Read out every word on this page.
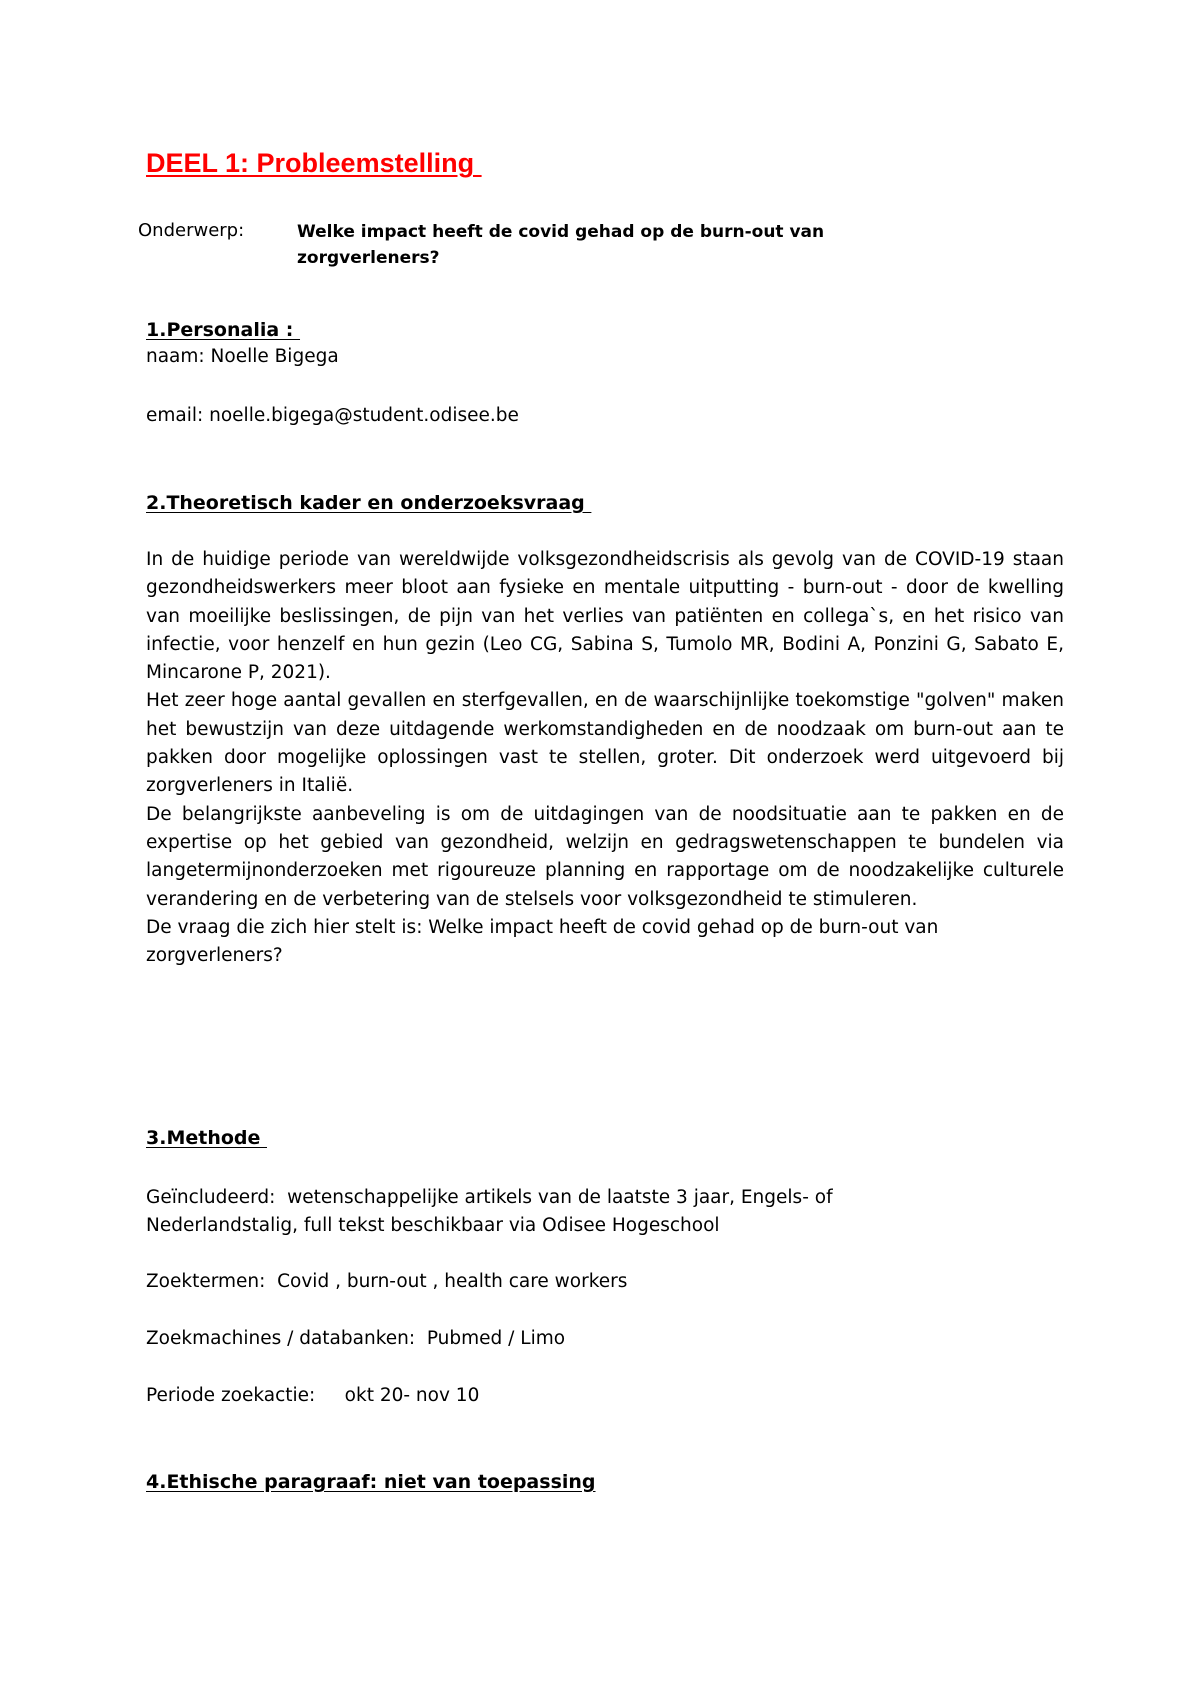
DEEL 1: Probleemstelling
Onderwerp:	Welke impact heeft de covid gehad op de burn-out van zorgverleners?
1.Personalia :

naam: Noelle Bigega

email: noelle.bigega@student.odisee.be

2.Theoretisch kader en onderzoeksvraag

In de huidige periode van wereldwijde volksgezondheidscrisis als gevolg van de COVID-19 staan gezondheidswerkers meer bloot aan fysieke en mentale uitputting - burn-out - door de kwelling van moeilijke beslissingen, de pijn van het verlies van patiënten en collega`s, en het risico van infectie, voor henzelf en hun gezin (Leo CG, Sabina S, Tumolo MR, Bodini A, Ponzini G, Sabato E, Mincarone P, 2021).

Het zeer hoge aantal gevallen en sterfgevallen, en de waarschijnlijke toekomstige "golven" maken het bewustzijn van deze uitdagende werkomstandigheden en de noodzaak om burn-out aan te pakken door mogelijke oplossingen vast te stellen, groter. Dit onderzoek werd uitgevoerd bij zorgverleners in Italië.

De belangrijkste aanbeveling is om de uitdagingen van de noodsituatie aan te pakken en de expertise op het gebied van gezondheid, welzijn en gedragswetenschappen te bundelen via langetermijnonderzoeken met rigoureuze planning en rapportage om de noodzakelijke culturele verandering en de verbetering van de stelsels voor volksgezondheid te stimuleren.

De vraag die zich hier stelt is: Welke impact heeft de covid gehad op de burn-out van zorgverleners?

3.Methode

Geïncludeerd:  wetenschappelijke artikels van de laatste 3 jaar, Engels- of

Nederlandstalig, full tekst beschikbaar via Odisee Hogeschool

Zoektermen:  Covid , burn-out , health care workers

Zoekmachines / databanken:  Pubmed / Limo

Periode zoekactie:     okt 20- nov 10

4.Ethische paragraaf: niet van toepassing
